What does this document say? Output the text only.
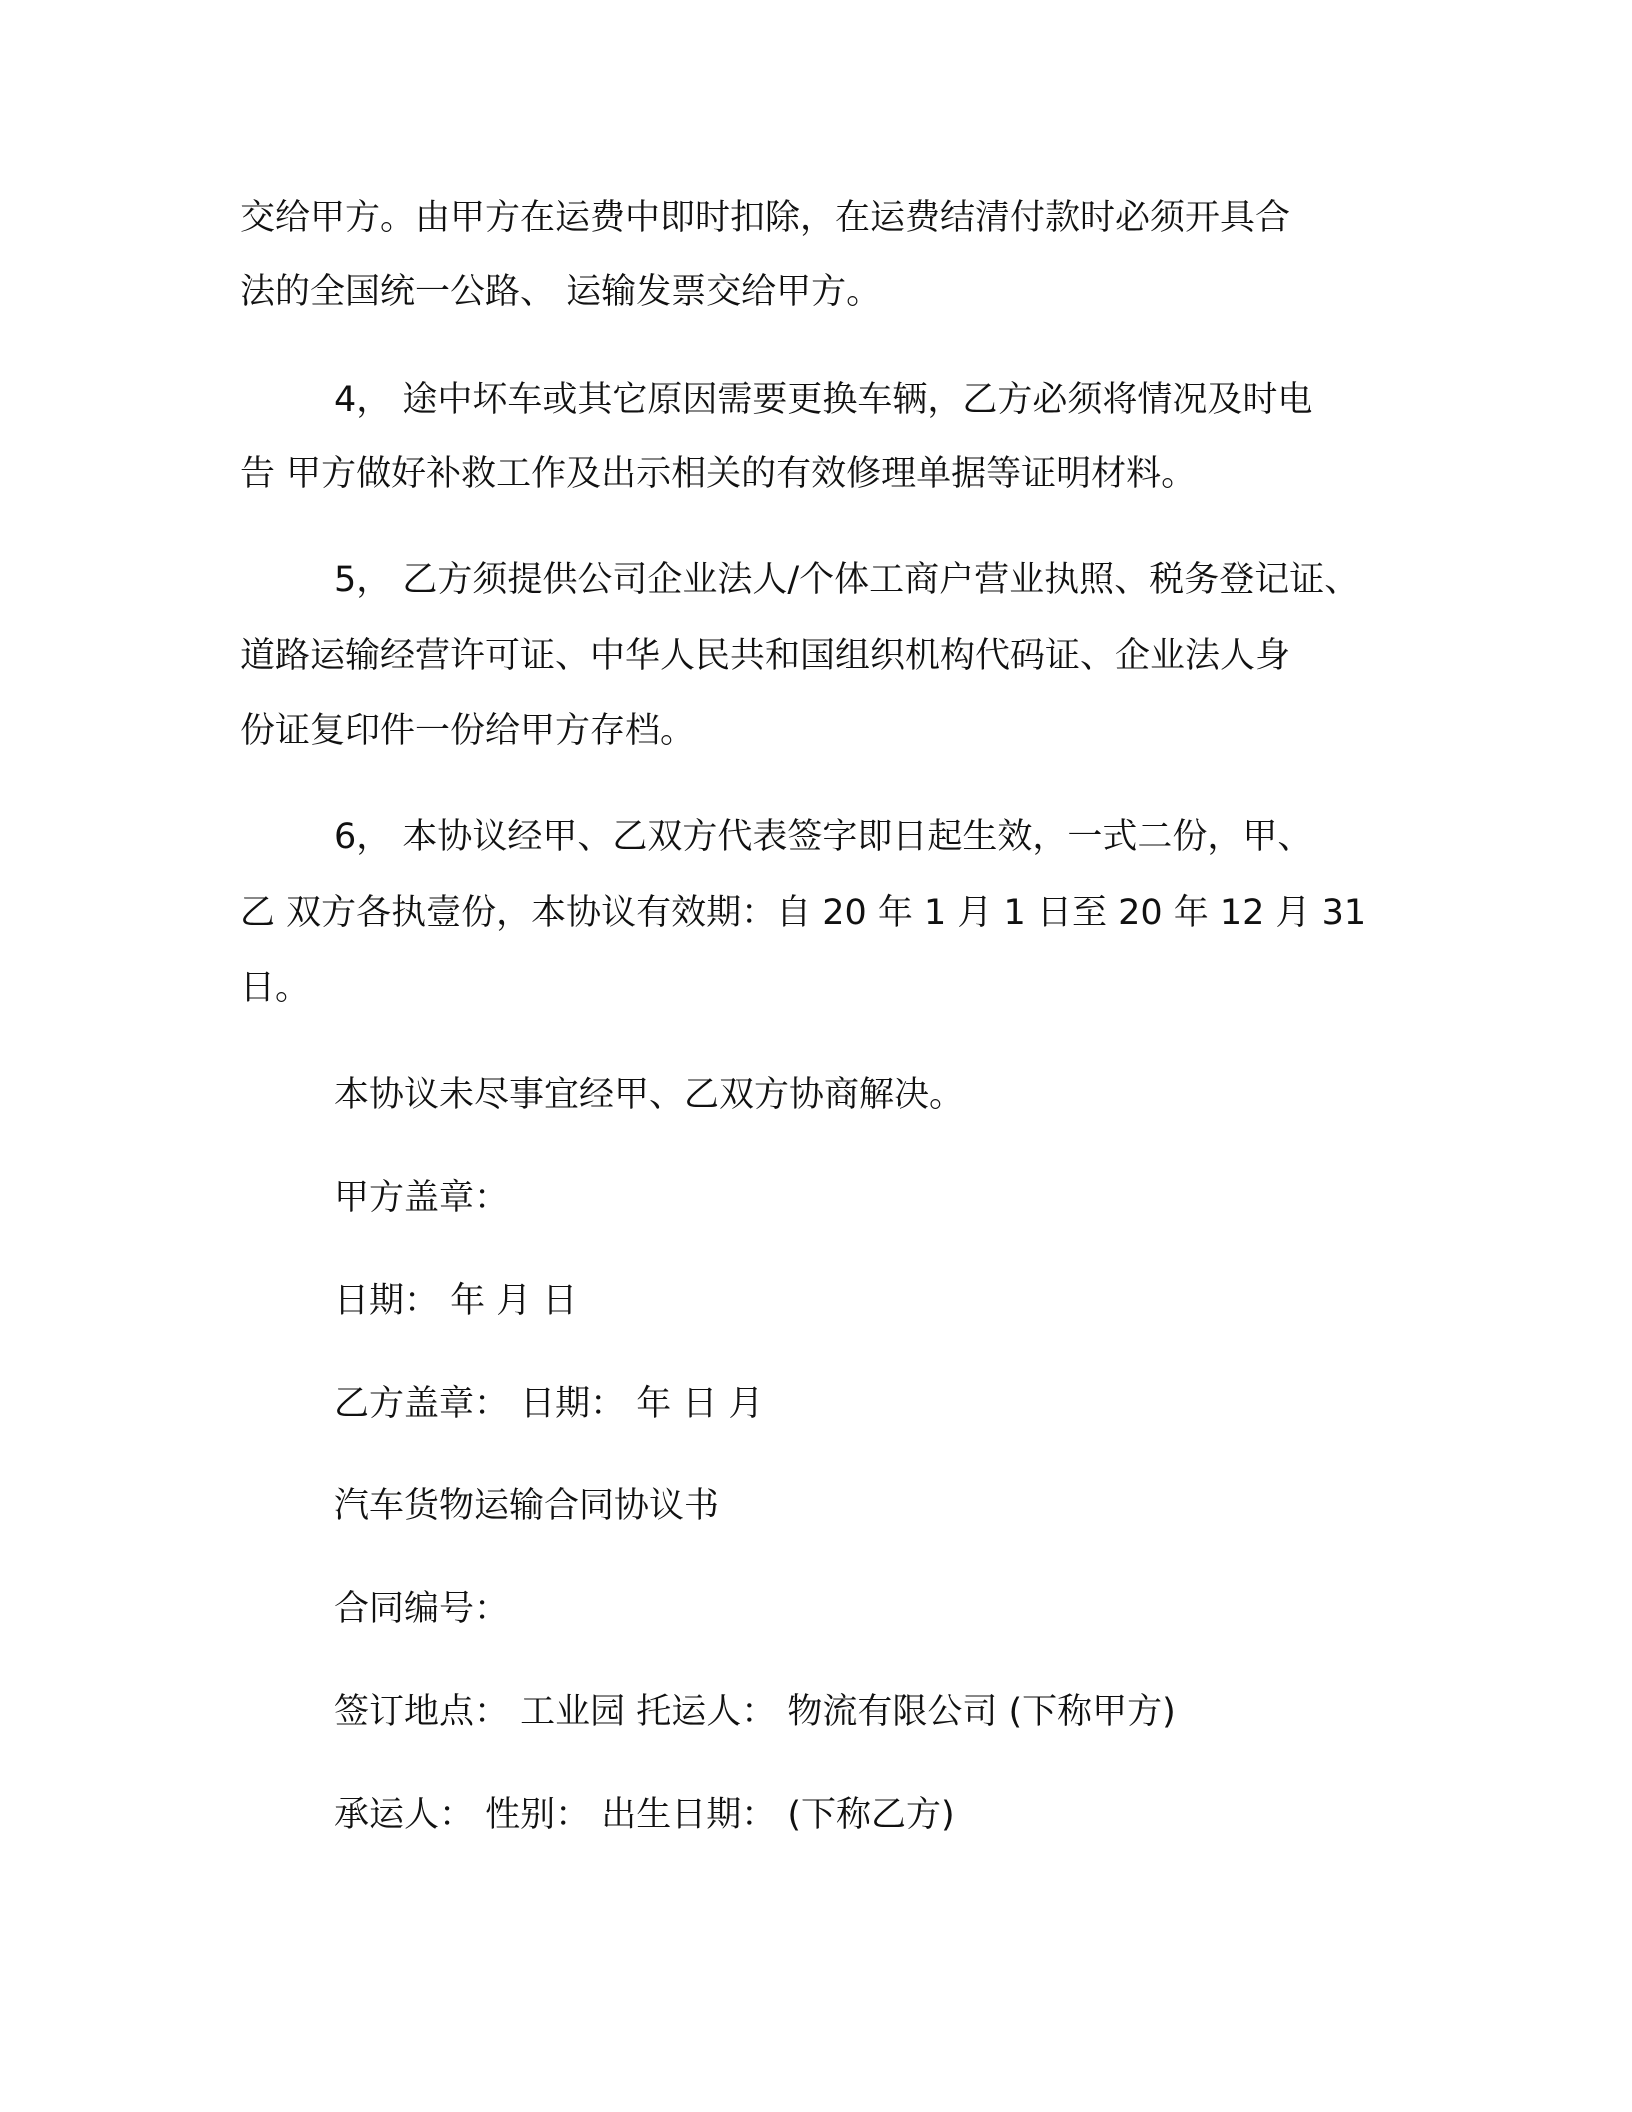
交给甲方。由甲方在运费中即时扣除，在运费结清付款时必须开具合
法的全国统一公路、 运输发票交给甲方。
4， 途中坏车或其它原因需要更换车辆，乙方必须将情况及时电
告 甲方做好补救工作及出示相关的有效修理单据等证明材料。
5， 乙方须提供公司企业法人/个体工商户营业执照、税务登记证、
道路运输经营许可证、中华人民共和国组织机构代码证、企业法人身
份证复印件一份给甲方存档。
6， 本协议经甲、乙双方代表签字即日起生效，一式二份，甲、
乙 双方各执壹份，本协议有效期：自 20 年 1 月 1 日至 20 年 12 月 31
日。
本协议未尽事宜经甲、乙双方协商解决。
甲方盖章：
日期： 年 月 日
乙方盖章： 日期： 年 日 月
汽车货物运输合同协议书
合同编号：
签订地点： 工业园 托运人： 物流有限公司 (下称甲方)
承运人： 性别： 出生日期： (下称乙方)
